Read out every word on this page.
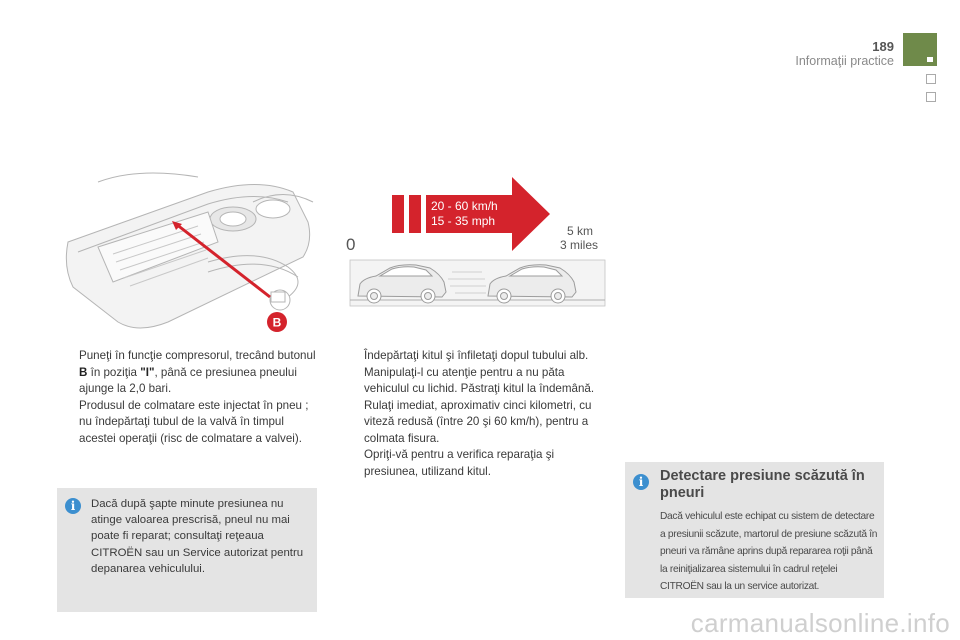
189
Informaţii practice
B
20 - 60 km/h
15 - 35 mph
0
5 km
3 miles
Puneţi în funcţie compresorul, trecând butonul B în poziţia "I", până ce presiunea pneului ajunge la 2,0 bari.
Produsul de colmatare este injectat în pneu ; nu îndepărtaţi tubul de la valvă în timpul acestei operaţii (risc de colmatare a valvei).
i	Dacă după şapte minute presiunea nu atinge valoarea prescrisă, pneul nu mai poate fi reparat; consultaţi reţeaua CITROËN sau un Service autorizat pentru depanarea vehiculului.
Îndepărtaţi kitul şi înfiletaţi dopul tubului alb. Manipulaţi-l cu atenţie pentru a nu păta vehiculul cu lichid. Păstraţi kitul la îndemână.
Rulaţi imediat, aproximativ cinci kilometri, cu viteză redusă (între 20 şi 60 km/h), pentru a colmata fisura.
Opriţi-vă pentru a verifica reparaţia şi presiunea, utilizand kitul.
i	Detectare presiune scăzută în pneuri
Dacă vehiculul este echipat cu sistem de detectare a presiunii scăzute, martorul de presiune scăzută în pneuri va rămâne aprins după repararea roţii până la reiniţializarea sistemului în cadrul reţelei CITROËN sau la un service autorizat.
carmanualsonline.info
